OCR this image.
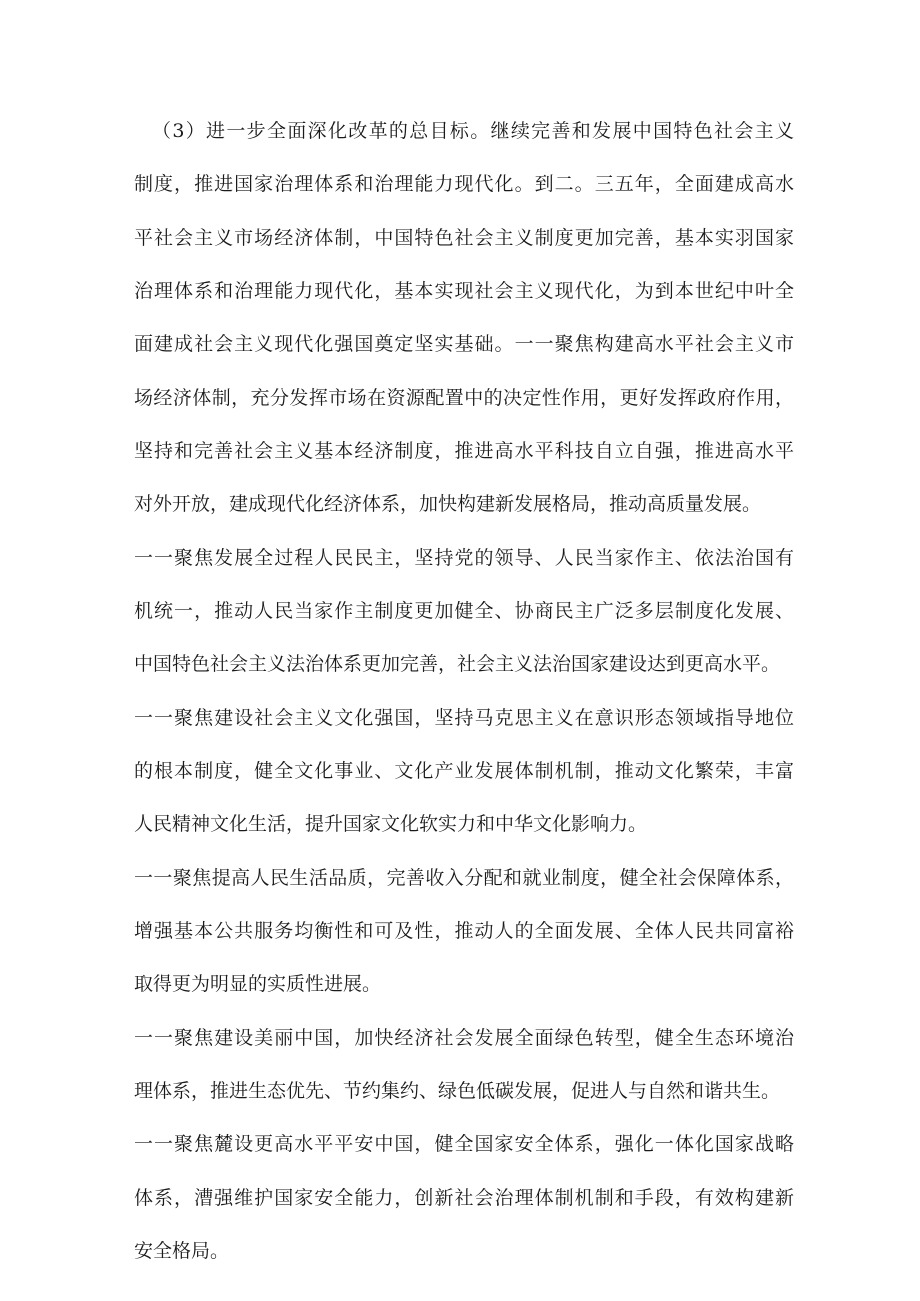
（3）进一步全面深化改革的总目标。继续完善和发展中国特色社会主义
制度，推进国家治理体系和治理能力现代化。到二。三五年，全面建成高水
平社会主义市场经济体制，中国特色社会主义制度更加完善，基本实羽国家
治理体系和治理能力现代化，基本实现社会主义现代化，为到本世纪中叶全
面建成社会主义现代化强国奠定坚实基础。一一聚焦构建高水平社会主义市
场经济体制，充分发挥市场在资源配置中的决定性作用，更好发挥政府作用，
坚持和完善社会主义基本经济制度，推进高水平科技自立自强，推进高水平
对外开放，建成现代化经济体系，加快构建新发展格局，推动高质量发展。
一一聚焦发展全过程人民民主，坚持党的领导、人民当家作主、依法治国有
机统一，推动人民当家作主制度更加健全、协商民主广泛多层制度化发展、
中国特色社会主义法治体系更加完善，社会主义法治国家建设达到更高水平。
一一聚焦建设社会主义文化强国，坚持马克思主义在意识形态领域指导地位
的根本制度，健全文化事业、文化产业发展体制机制，推动文化繁荣，丰富
人民精神文化生活，提升国家文化软实力和中华文化影响力。
一一聚焦提高人民生活品质，完善收入分配和就业制度，健全社会保障体系，
增强基本公共服务均衡性和可及性，推动人的全面发展、全体人民共同富裕
取得更为明显的实质性进展。
一一聚焦建设美丽中国，加快经济社会发展全面绿色转型，健全生态环境治
理体系，推进生态优先、节约集约、绿色低碳发展，促进人与自然和谐共生。
一一聚焦麓设更高水平平安中国，健全国家安全体系，强化一体化国家战略
体系，漕强维护国家安全能力，创新社会治理体制机制和手段，有效构建新
安全格局。
